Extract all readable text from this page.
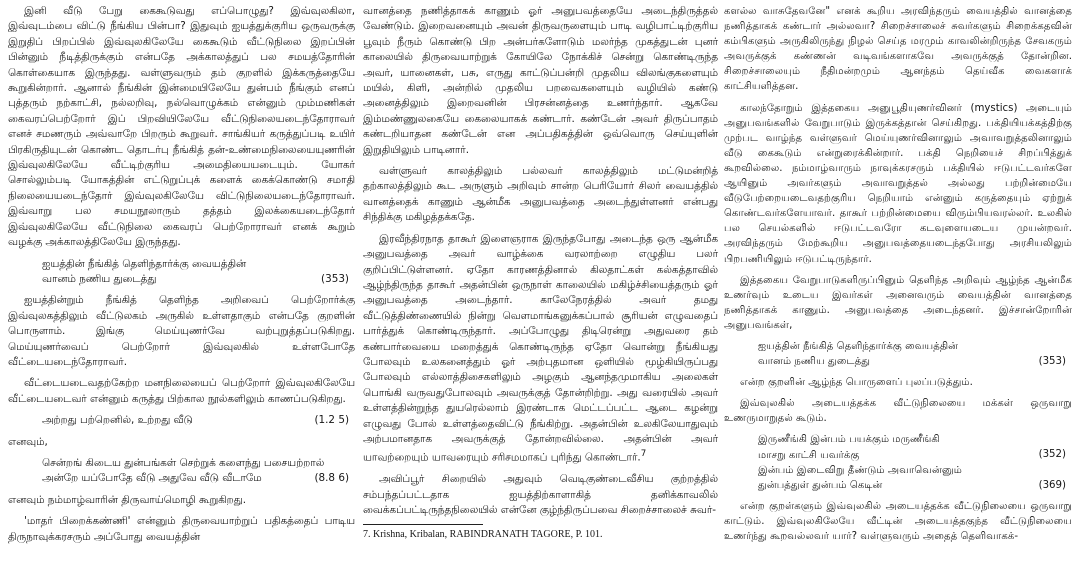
இனி வீடு பேறு கைகூடுவது எப்பொழுது? இவ்வுலகிலா, இவ்வுடம்பை விட்டு நீங்கிய பின்பா? இதுவும் ஐயத்துக்குரிய ஒருவருக்கு இறுதிப் பிறப்பில் இவ்வுலகிலேயே கைகூடும் வீட்டுநிலை இறப்பின் பின்னும் நீடித்திருக்கும் என்பதே அக்காலத்துப் பல சமயத்தோரின் கொள்கையாக இருந்தது. வள்ளுவரும் தம் குறளில் இக்கருத்தையே கூறுகின்றார். ஆனால் நீங்கின் இன்மையிலேயே துன்பம் நீங்கும் எனப் புத்தரும் நற்காட்சி, நல்லறிவு, நல்வொழுக்கம் என்னும் மும்மணிகள் கைவரப்பெற்றோர் இப் பிறவியிலேயே வீட்டுநிலையடைந்தோராவர் எனச் சமணரும் அவ்வாறே பிறரும் கூறுவர். சாங்கியர் கருத்துப்படி உயிர் பிரகிருதியுடன் கொண்ட தொடர்பு நீங்கித் தன்-உண்மைநிலையையுணரின் இவ்வுலகிலேயே வீட்டிற்குரிய அமைதியையடையும். யோகர் சொல்லும்படி யோகத்தின் எட்டுறுப்புக் களைக் கைக்கொண்டு சமாதி நிலையையடைந்தோர் இவ்வுலகிலேயே விட்டுநிலையடைந்தோராவர். இவ்வாறு பல சமயநூலாரும் தத்தம் இலக்கையடைந்தோர் இவ்வுலகிலேயே வீட்டுநிலை கைவரப் பெற்றோராவர் எனக் கூறும் வழக்கு அக்காலத்திலேயே இருந்தது.

ஐயத்தின் நீங்கித் தெளிந்தார்க்கு வையத்தின்
வானம் நணிய துடைத்து	(353)

ஐயத்தின்றும் நீங்கித் தெளிந்த அறிவைப் பெற்றோர்க்கு இவ்வுலகத்திலும் வீட்டுலகம் அருகில் உள்ளதாகும் என்பதே குறளின் பொருளாம். இங்கு மெய்யுணர்வே வற்புறுத்தப்படுகிறது. மெய்யுணர்வைப் பெற்றோர் இவ்வுலகில் உள்ளபோதே வீட்டையடைந்தோராவர்.

வீட்டையடைவதற்கேற்ற மனநிலையைப் பெற்றோர் இவ்வுலகிலேயே வீட்டையடைவர் என்னும் கருத்து பிற்கால நூல்களிலும் காணப்படுகிறது.

அற்றது பற்றெனில், உற்றது வீடு	(1.2 5)

எனவும்,

சென்றங் கிடைய துன்பங்கள் செற்றுக் களைந்து பசையற்றால்
அன்றே யப்போதே வீடு அதுவே வீடு வீடாமே	(8.8 6)

எனவும் நம்மாழ்வாரின் திருவாய்மொழி கூறுகிறது.

'மாதர் பிறைக்கண்ணி' என்னும் திருவையாற்றுப் பதிகத்தைப் பாடிய திருநாவுக்கரசரும் அப்போது வையத்தின்

வானத்தை நணித்தாகக் காணும் ஓர் அனுபவத்தையே அடைந்திருத்தல் வேண்டும். இறைவனையும் அவன் திருவருளையும் பாடி வழிபாட்டிற்குரிய பூவும் நீரும் கொண்டு பிற அன்பர்களோடும் மலர்ந்த முகத்துடன் புனர் காலையில் திருவையாற்றுக் கோயிலே நோக்கிச் சென்று கொண்டிருந்த அவர், யானைகள், பசு, எருது காட்டுப்பன்றி முதலிய விலங்குகளையும் மயில், கிளி, அன்றில் முதலிய பறவைகளையும் வழியில் கண்டு அனைத்திலும் இறைவனின் பிரசன்னத்தை உணர்ந்தார். ஆகவே இம்மண்ணுலகையே கைலையாகக் கண்டார். கண்டேன் அவர் திருப்பாதம் கண்டறியாதன கண்டேன் என அப்பதிகத்தின் ஒவ்வொரு செய்யுளின் இறுதியிலும் பாடினார்.

வள்ளுவர் காலத்திலும் பல்லவர் காலத்திலும் மட்டுமன்றித் தற்காலத்திலும் கூட அருளும் அறிவும் சான்ற பெரியோர் சிலர் வையத்தில் வானத்தைக் காணும் ஆன்மீக அனுபவத்தை அடைந்துள்ளனர் என்பது சிந்திக்கு மகிழத்தக்கதே.

இரவீந்திரநாத தாகூர் இளைஞராக இருந்தபோது அடைந்த ஒரு ஆன்மீக அனுபவத்தை அவர் வாழ்க்கை வரலாற்றை எழுதிய பலர் குறிப்பிட்டுள்ளனர். ஏதோ காரணத்தினால் கிலதாட்கள் கல்கத்தாவில் ஆழ்ந்திருந்த தாகூர் அதன்பின் ஒருநாள் காலையில் மகிழ்ச்சியைத்தரும் ஓர் அனுபவத்தை அடைந்தார். காலேநேரத்தில் அவர் தமது வீட்டுத்திண்ணையில் நின்று வெளமாங்கனுக்கப்பால் சூரியன் எழுவதைப் பார்த்துக் கொண்டிருந்தார். அப்போழுது திடிரென்று அதுவரை தம் கண்பார்வையை மறைத்துக் கொண்டிருந்த ஏதோ வொன்று நீங்கியது போலவும் உலகனைத்தும் ஓர் அற்புதமான ஒளியில் மூழ்கியிருப்பது போலவும் எல்லாத்திசைகளிலும் அழகும் ஆனந்தமுமாகிய அலைகள் பொங்கி வருவதுபோலவும் அவருக்குத் தோன்றிற்று. அது வரையில் அவர் உள்ளத்தின்றுந்த துயரெல்லாம் இரண்டாக மெட்டப்பட்ட ஆடை கழன்று எழுவது போல் உள்ளத்தைவிட்டு நீங்கிற்று. அதன்பின் உலகிலேயாதுவும் அற்பமானதாக அவருக்குத் தோன்றவில்லை. அதன்பின் அவர் யாவற்றையும் யாவரையும் சரிசமமாகப் புரிந்து கொண்டார்.$^7$

அவிப்பூர் சிறையில் அதுவும் வெடிகுண்டைவீசிய குற்றத்தில் சம்பந்தப்பட்டதாக ஐயத்திற்காளாகித் தனிக்காவலில் வைக்கப்பட்டிருந்தநிலையில் என்னே குழ்ந்திருப்பவை சிறைச்சாலைச் சுவர்-

7. Krishna, Kribalan, RABINDRANATH TAGORE, P. 101.

களல்ல வாசுதேவனே" எனக் கூறிய அரவிந்தரும் வையத்தில் வானத்தை நணித்தாகக் கண்டார் அல்லவா? சிறைச்சாலைச் சுவர்களும் சிறைக்கதவின் கம்பிகளும் அருகிலிருந்து நிழல் செய்த மரமும் காவலின்றிருந்த சேவகரும் அவருக்குக் கண்ணன் வடிவங்களாகவே அவருக்குத் தோன்றின. சிறைச்சாலையும் நீதிமன்றமும் ஆனந்தம் தெய்வீக வைகளாக் காட்சியளித்தன.

காலந்தோறும் இத்தகைய அனுபூதியுணர்வினர் (mystics) அடையும் அனுபவங்களில் வேறுபாடும் இருக்கத்தான் செய்கிறது. பக்தியியக்கத்திற்கு முற்பட வாழ்ந்த வள்ளுவர் மெய்யுணர்வினாலும் அவாவறுத்தலினாலும் வீடு கைகூடும் என்றுரைக்கின்றார். பக்தி நெறியைச் சிறப்பித்துக் கூறவில்லை. நம்மாழ்வாரும் நாவுக்கரசரும் பக்தியில் ஈடுபட்டவர்களே ஆயினும் அவர்களும் அவாவறுத்தல் அல்லது பற்றின்மையே வீடுபேற்றையடைவதற்குரிய நெறியாம் என்னும் கருத்தையும் ஏற்றுக் கொண்டவர்களேயாவர். தாகூர் பற்றின்மையை விரும்பியவரல்லர். உலகில் பல செயல்களில் ஈடுபட்டவரோ கடவுளையடைய முயன்றவர். அரவிந்தரும் மேற்கூறிய அனுபவத்தையடைந்தபோது அரசியலிலும் பிறபணியிலும் ஈடுபட்டிருந்தார்.

இத்தகைய வேறுபாடுகளிருப்பினும் தெளிந்த அறிவும் ஆழ்ந்த ஆன்மீக உணர்வும் உடைய இவர்கள் அனைவரும் வையத்தின் வானத்தை நணித்தாகக் காணும். அனுபவத்தை அடைந்தனர். இச்சான்றோரின் அனுபவங்கள்,

ஐயத்தின் நீங்கித் தெளிந்தார்க்கு வையத்தின்
வானம் நணிய துடைத்து	(353)

என்ற குறளின் ஆழ்ந்த பொருளைப் புலப்படுத்தும்.

இவ்வுலகில் அடையத்தக்க வீட்டுநிலையை மக்கள் ஒருவாறு உணருமாறுதல் கூடும்.

இருணீங்கி இன்பம் பயக்கும் மருணீங்கி
மாசறு காட்சி யவர்க்கு	(352)
இன்பம் இடைவிறு தீண்டும் அவாவென்னும்
துன்பத்துள் துன்பம் கெடின்	(369)

என்ற குறள்களும் இவ்வுலகில் அடையத்தக்க வீட்டுநிலையை ஒருவாறு காட்டும். இவ்வுலகிலேயே வீட்டின் அடையத்தகுந்த வீட்டுநிலையை உணர்ந்து கூறவல்லவர் யார்? வள்ளுவரும் அதைத் தெளிவாகக்-
